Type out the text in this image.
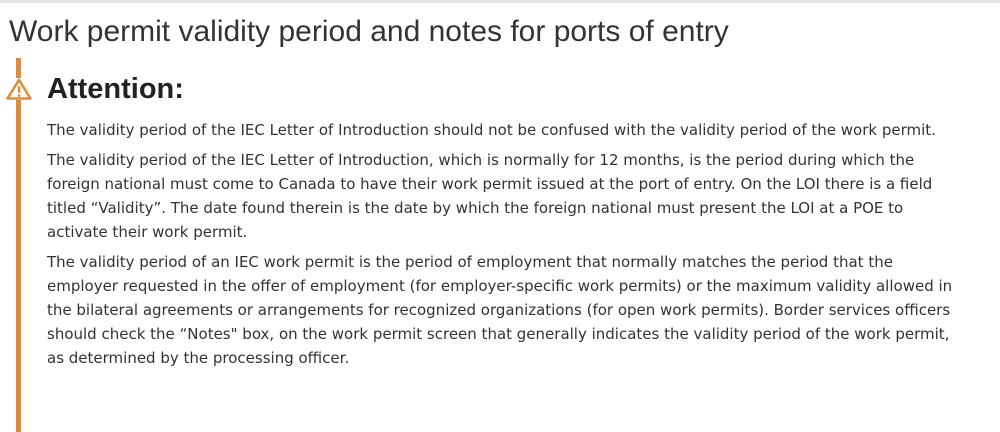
Work permit validity period and notes for ports of entry
Attention:

The validity period of the IEC Letter of Introduction should not be confused with the validity period of the work permit.

The validity period of the IEC Letter of Introduction, which is normally for 12 months, is the period during which the foreign national must come to Canada to have their work permit issued at the port of entry. On the LOI there is a field titled “Validity”. The date found therein is the date by which the foreign national must present the LOI at a POE to activate their work permit.

The validity period of an IEC work permit is the period of employment that normally matches the period that the employer requested in the offer of employment (for employer-specific work permits) or the maximum validity allowed in the bilateral agreements or arrangements for recognized organizations (for open work permits). Border services officers should check the “Notes" box, on the work permit screen that generally indicates the validity period of the work permit, as determined by the processing officer.
